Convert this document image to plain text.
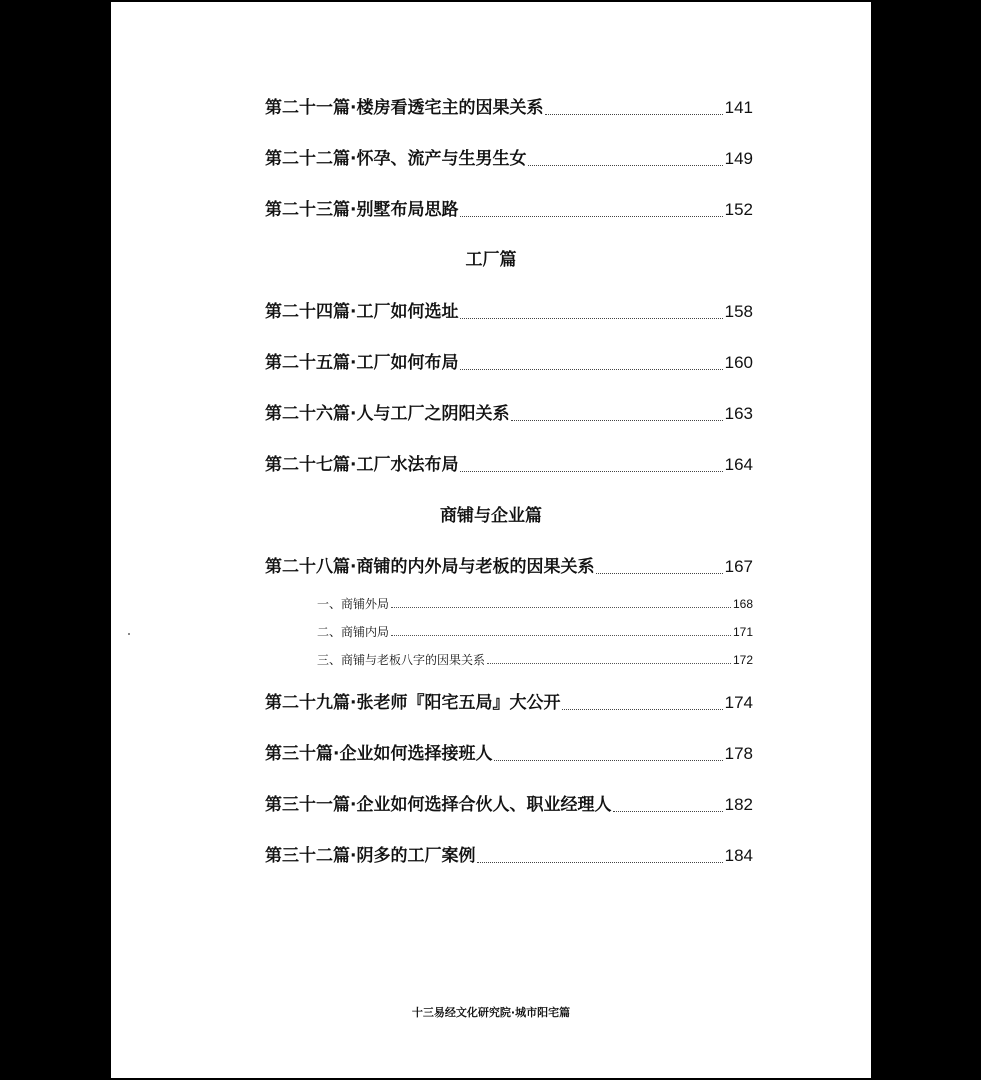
第二十一篇·楼房看透宅主的因果关系	141
第二十二篇·怀孕、流产与生男生女	149
第二十三篇·别墅布局思路	152
工厂篇
第二十四篇·工厂如何选址	158
第二十五篇·工厂如何布局	160
第二十六篇·人与工厂之阴阳关系	163
第二十七篇·工厂水法布局	164
商铺与企业篇
第二十八篇·商铺的内外局与老板的因果关系	167
一、商铺外局	168
二、商铺内局	171
三、商铺与老板八字的因果关系	172
第二十九篇·张老师『阳宅五局』大公开	174
第三十篇·企业如何选择接班人	178
第三十一篇·企业如何选择合伙人、职业经理人	182
第三十二篇·阴多的工厂案例	184
十三易经文化研究院·城市阳宅篇
